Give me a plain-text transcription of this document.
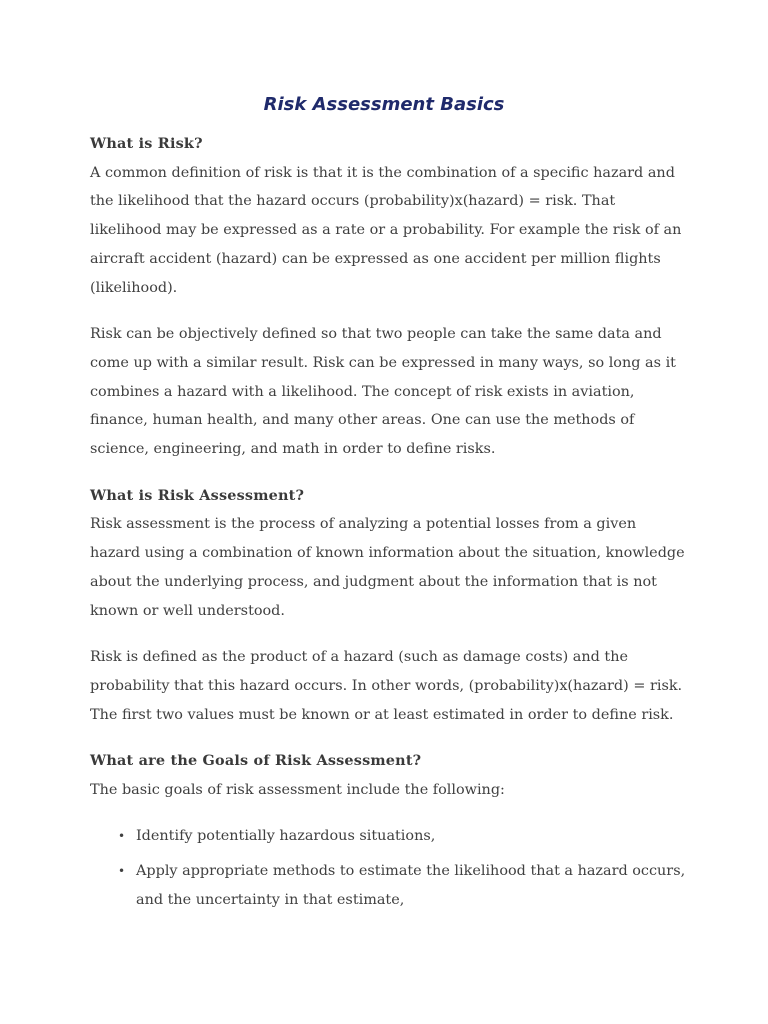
Risk Assessment Basics
What is Risk?

A common definition of risk is that it is the combination of a specific hazard and the likelihood that the hazard occurs (probability)x(hazard) = risk. That likelihood may be expressed as a rate or a probability. For example the risk of an aircraft accident (hazard) can be expressed as one accident per million flights (likelihood).

Risk can be objectively defined so that two people can take the same data and come up with a similar result. Risk can be expressed in many ways, so long as it combines a hazard with a likelihood. The concept of risk exists in aviation, finance, human health, and many other areas. One can use the methods of science, engineering, and math in order to define risks.

What is Risk Assessment?

Risk assessment is the process of analyzing a potential losses from a given hazard using a combination of known information about the situation, knowledge about the underlying process, and judgment about the information that is not known or well understood.

Risk is defined as the product of a hazard (such as damage costs) and the probability that this hazard occurs. In other words, (probability)x(hazard) = risk. The first two values must be known or at least estimated in order to define risk.

What are the Goals of Risk Assessment?

The basic goals of risk assessment include the following:

• Identify potentially hazardous situations,
• Apply appropriate methods to estimate the likelihood that a hazard occurs, and the uncertainty in that estimate,
